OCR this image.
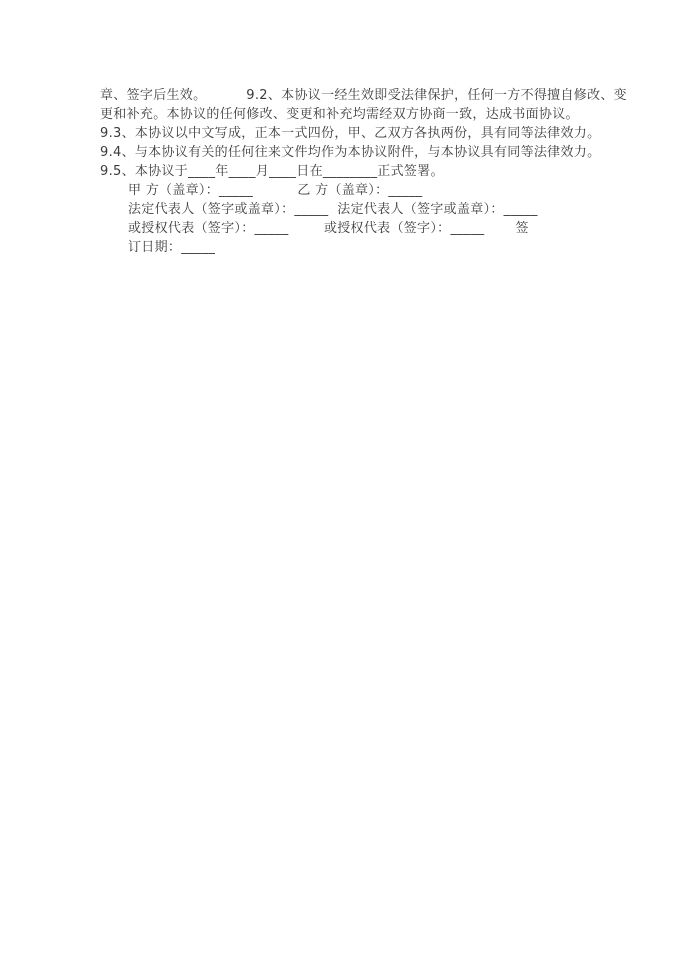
章、签字后生效。         9.2、本协议一经生效即受法律保护，任何一方不得擅自修改、变
更和补充。本协议的任何修改、变更和补充均需经双方协商一致，达成书面协议。
9.3、本协议以中文写成，正本一式四份，甲、乙双方各执两份，具有同等法律效力。
9.4、与本协议有关的任何往来文件均作为本协议附件，与本协议具有同等法律效力。
9.5、本协议于____年____月____日在________正式签署。
甲 方（盖章）：_____          乙 方（盖章）：_____
法定代表人（签字或盖章）：_____  法定代表人（签字或盖章）：_____
或授权代表（签字）：_____        或授权代表（签字）：_____       签
订日期：_____
